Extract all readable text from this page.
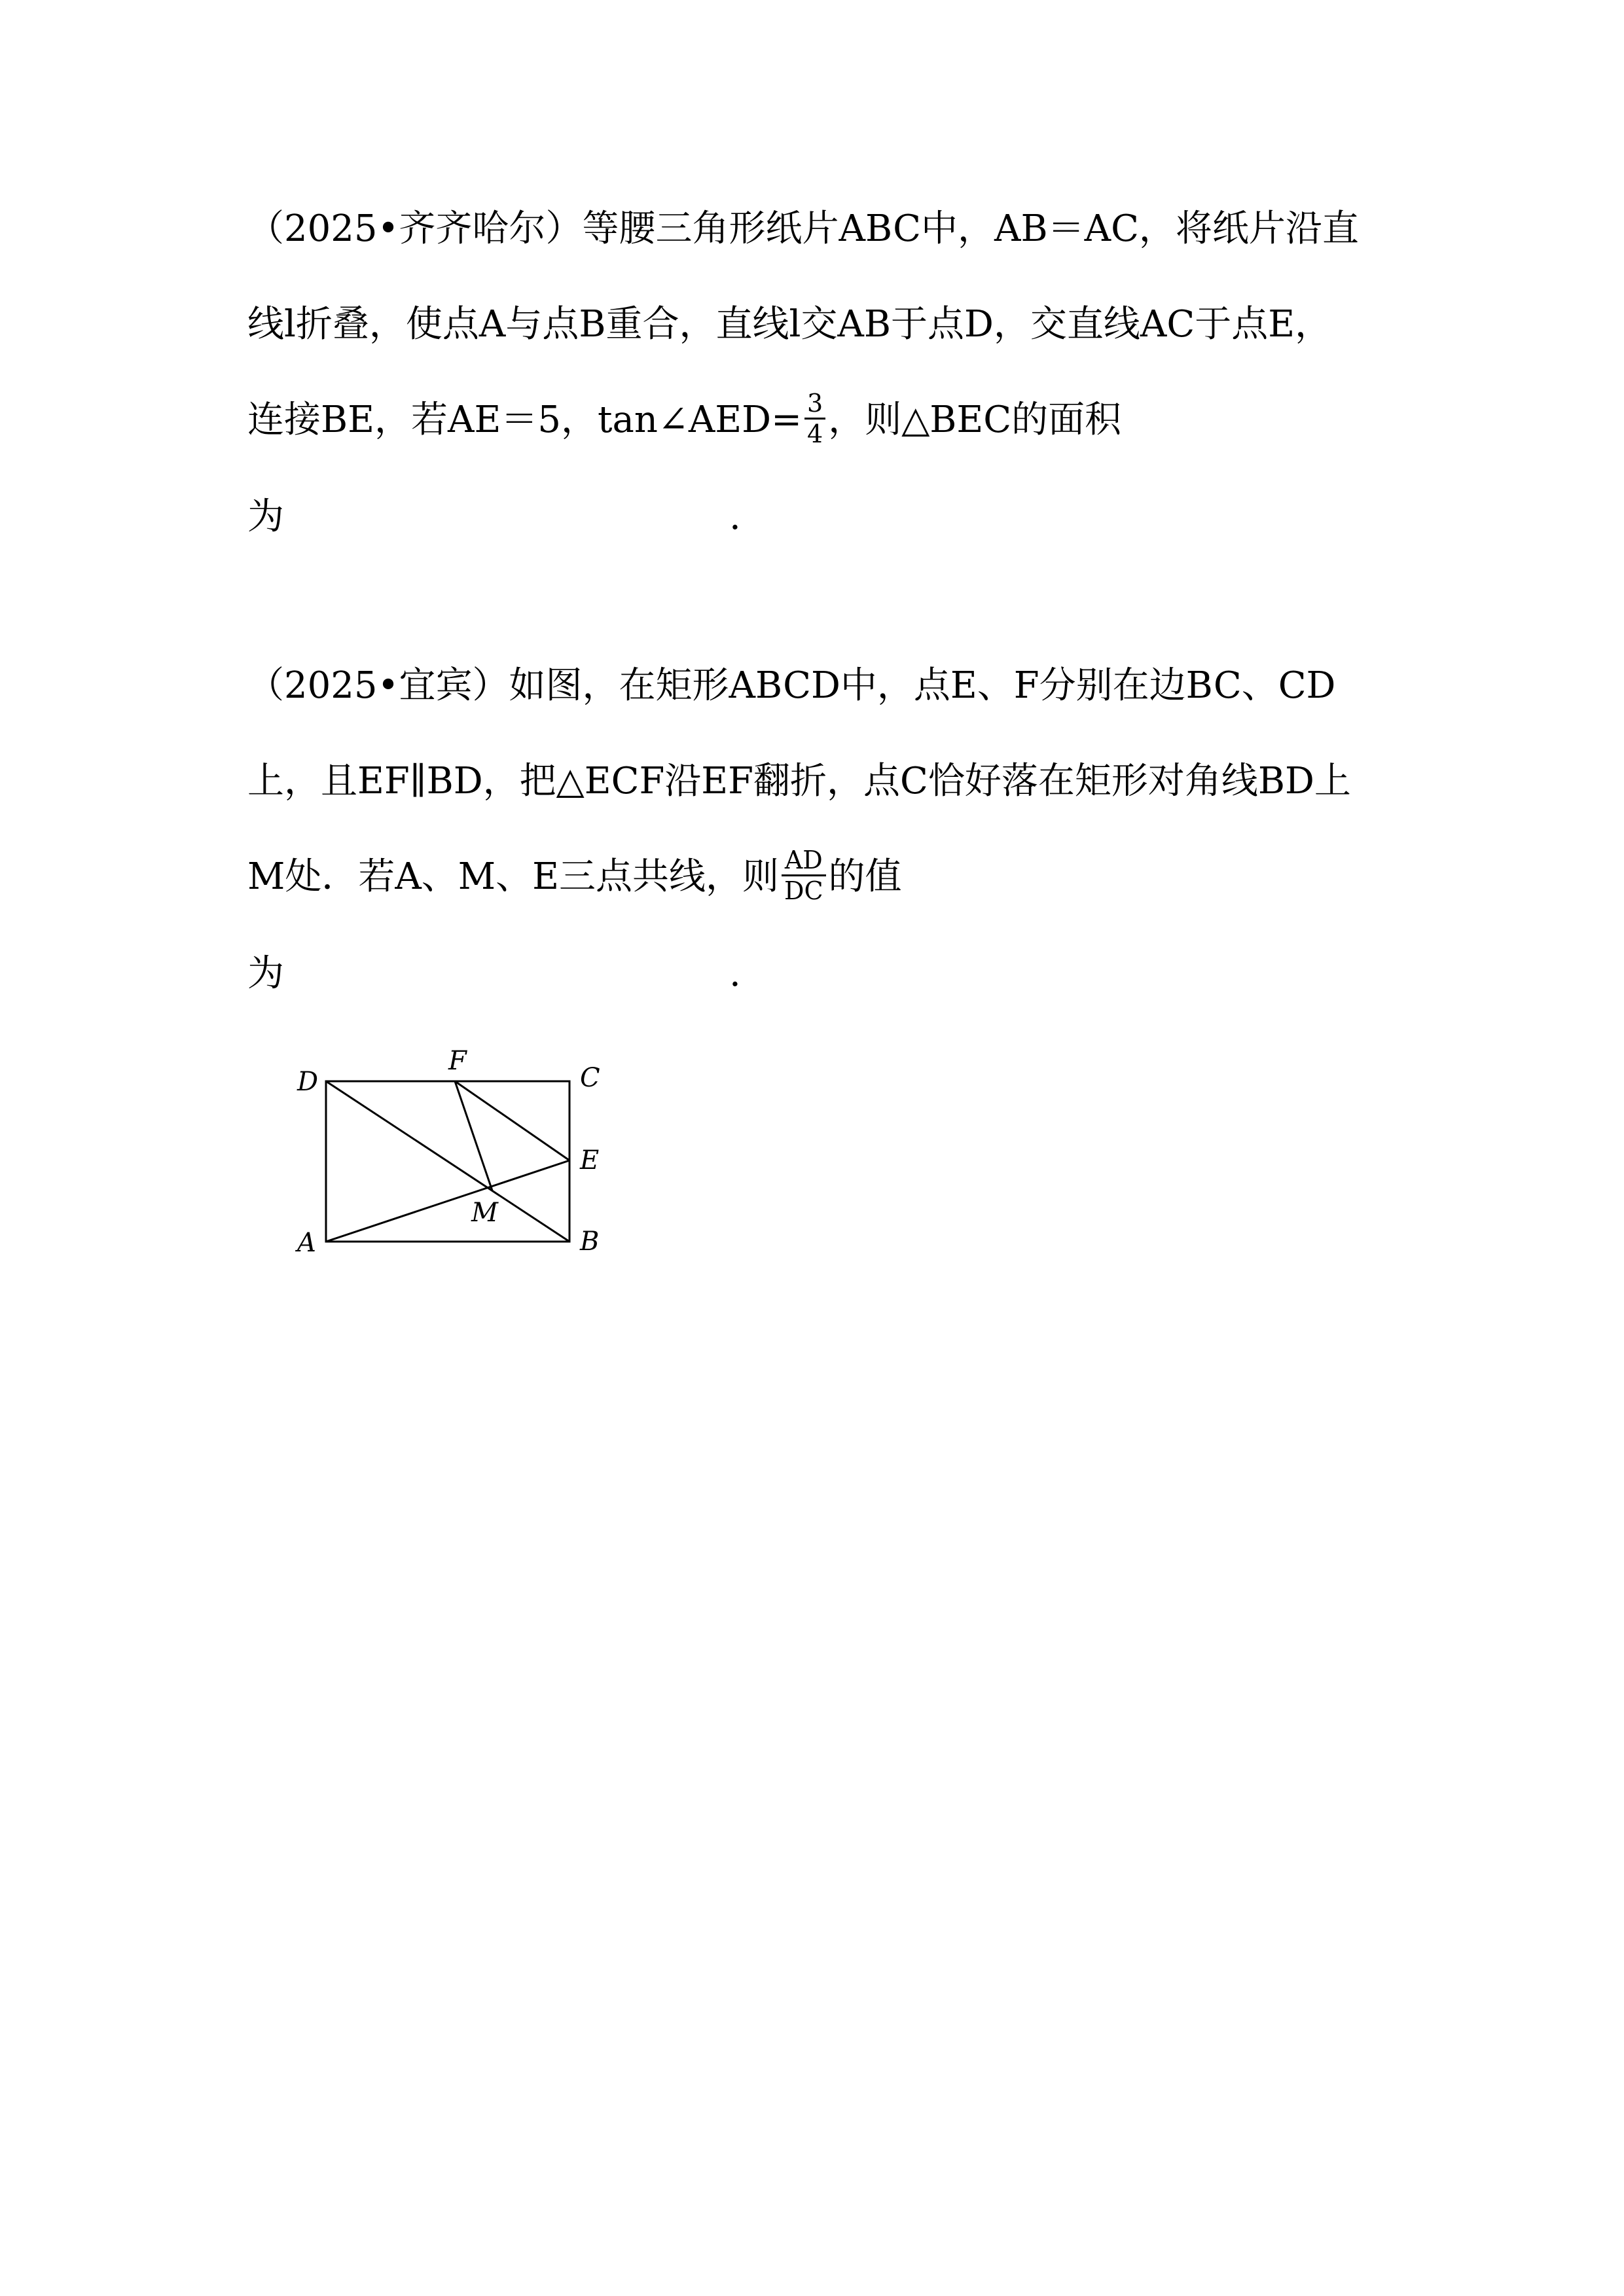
（2025•齐齐哈尔）等腰三角形纸片ABC中，AB＝AC，将纸片沿直
线l折叠，使点A与点B重合，直线l交AB于点D，交直线AC于点E，
连接BE，若AE＝5，tan∠AED= $\frac{3}{4}$ ，则△BEC的面积
为	.
（2025•宜宾）如图，在矩形ABCD中，点E、F分别在边BC、CD
上，且EF∥BD，把△ECF沿EF翻折，点C恰好落在矩形对角线BD上
M处．若A、M、E三点共线，则 $\frac{AD}{DC}$ 的值
为	.
D
F
C
E
M
A	B
